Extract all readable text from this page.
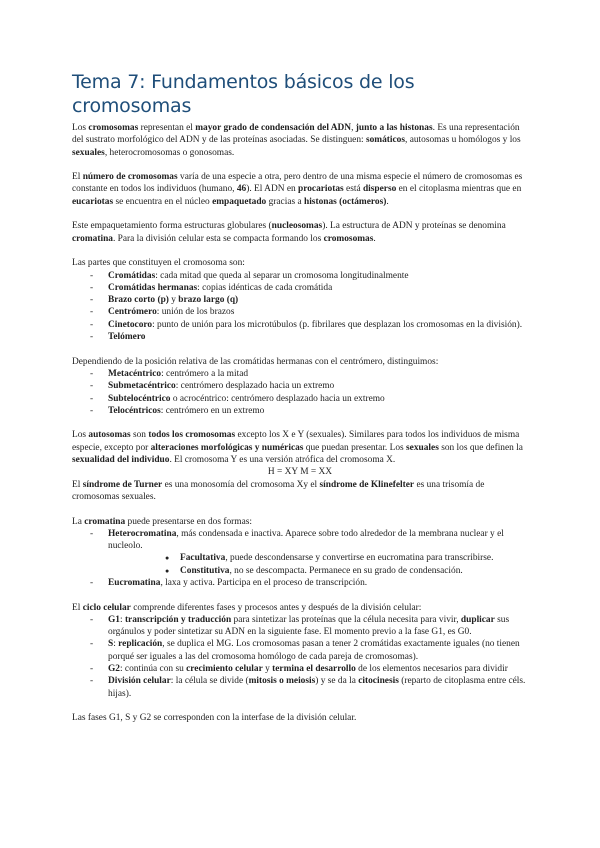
Tema 7: Fundamentos básicos de los cromosomas

Los cromosomas representan el mayor grado de condensación del ADN, junto a las histonas. Es una representación del sustrato morfológico del ADN y de las proteínas asociadas. Se distinguen: somáticos, autosomas u homólogos y los sexuales, heterocromosomas o gonosomas.

El número de cromosomas varía de una especie a otra, pero dentro de una misma especie el número de cromosomas es constante en todos los individuos (humano, 46). El ADN en procariotas está disperso en el citoplasma mientras que en eucariotas se encuentra en el núcleo empaquetado gracias a histonas (octámeros).

Este empaquetamiento forma estructuras globulares (nucleosomas). La estructura de ADN y proteínas se denomina cromatina. Para la división celular esta se compacta formando los cromosomas.

Las partes que constituyen el cromosoma son:

- Cromátidas: cada mitad que queda al separar un cromosoma longitudinalmente
- Cromátidas hermanas: copias idénticas de cada cromátida
- Brazo corto (p) y brazo largo (q)
- Centrómero: unión de los brazos
- Cinetocoro: punto de unión para los microtúbulos (p. fibrilares que desplazan los cromosomas en la división).
- Telómero

Dependiendo de la posición relativa de las cromátidas hermanas con el centrómero, distinguimos:

- Metacéntrico: centrómero a la mitad
- Submetacéntrico: centrómero desplazado hacia un extremo
- Subtelocéntrico o acrocéntrico: centrómero desplazado hacia un extremo
- Telocéntricos: centrómero en un extremo

Los autosomas son todos los cromosomas excepto los X e Y (sexuales). Similares para todos los individuos de misma especie, excepto por alteraciones morfológicas y numéricas que puedan presentar. Los sexuales son los que definen la sexualidad del individuo. El cromosoma Y es una versión atrófica del cromosoma X.

H = XY M = XX

El síndrome de Turner es una monosomía del cromosoma Xy el síndrome de Klinefelter es una trisomía de cromosomas sexuales.

La cromatina puede presentarse en dos formas:

- Heterocromatina, más condensada e inactiva. Aparece sobre todo alrededor de la membrana nuclear y el nucleolo.
● Facultativa, puede descondensarse y convertirse en eucromatina para transcribirse.
● Constitutiva, no se descompacta. Permanece en su grado de condensación.
- Eucromatina, laxa y activa. Participa en el proceso de transcripción.

El ciclo celular comprende diferentes fases y procesos antes y después de la división celular:

- G1: transcripción y traducción para sintetizar las proteínas que la célula necesita para vivir, duplicar sus orgánulos y poder sintetizar su ADN en la siguiente fase. El momento previo a la fase G1, es G0.
- S: replicación, se duplica el MG. Los cromosomas pasan a tener 2 cromátidas exactamente iguales (no tienen porqué ser iguales a las del cromosoma homólogo de cada pareja de cromosomas).
- G2: continúa con su crecimiento celular y termina el desarrollo de los elementos necesarios para dividir
- División celular: la célula se divide (mitosis o meiosis) y se da la citocinesis (reparto de citoplasma entre céls. hijas).

Las fases G1, S y G2 se corresponden con la interfase de la división celular.
